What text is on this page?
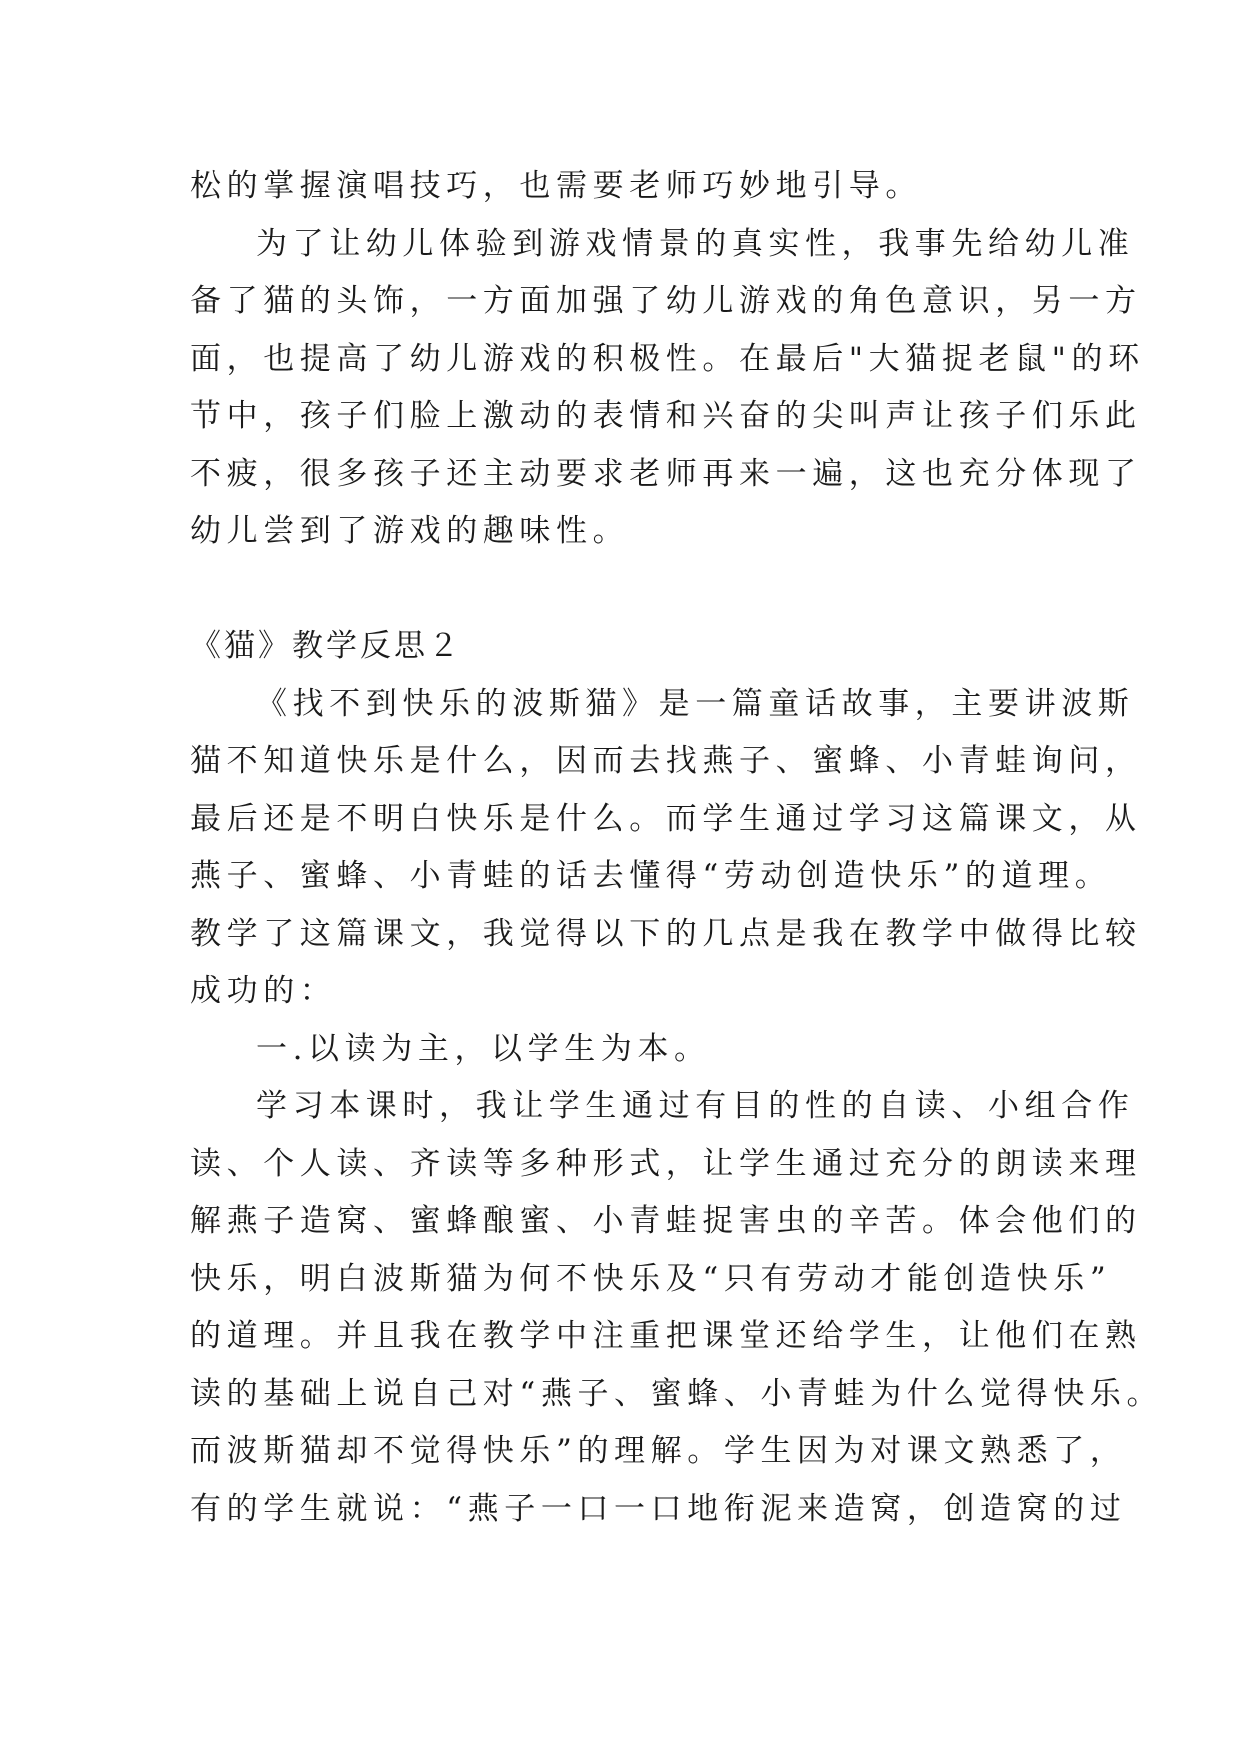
松的掌握演唱技巧，也需要老师巧妙地引导。
为了让幼儿体验到游戏情景的真实性，我事先给幼儿准
备了猫的头饰，一方面加强了幼儿游戏的角色意识，另一方
面，也提高了幼儿游戏的积极性。在最后"大猫捉老鼠"的环
节中，孩子们脸上激动的表情和兴奋的尖叫声让孩子们乐此
不疲，很多孩子还主动要求老师再来一遍，这也充分体现了
幼儿尝到了游戏的趣味性。
《猫》教学反思２
《找不到快乐的波斯猫》是一篇童话故事，主要讲波斯
猫不知道快乐是什么，因而去找燕子、蜜蜂、小青蛙询问，
最后还是不明白快乐是什么。而学生通过学习这篇课文，从
燕子、蜜蜂、小青蛙的话去懂得“劳动创造快乐”的道理。
教学了这篇课文，我觉得以下的几点是我在教学中做得比较
成功的：
一.以读为主，以学生为本。
学习本课时，我让学生通过有目的性的自读、小组合作
读、个人读、齐读等多种形式，让学生通过充分的朗读来理
解燕子造窝、蜜蜂酿蜜、小青蛙捉害虫的辛苦。体会他们的
快乐，明白波斯猫为何不快乐及“只有劳动才能创造快乐”
的道理。并且我在教学中注重把课堂还给学生，让他们在熟
读的基础上说自己对“燕子、蜜蜂、小青蛙为什么觉得快乐。
而波斯猫却不觉得快乐”的理解。学生因为对课文熟悉了，
有的学生就说：“燕子一口一口地衔泥来造窝，创造窝的过
